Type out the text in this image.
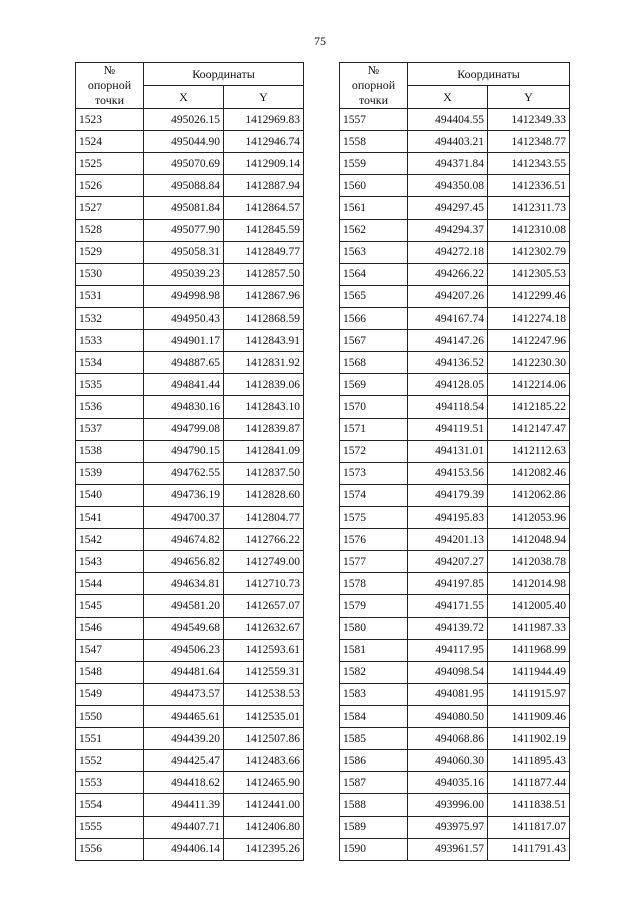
75
№
опорной
точки	Координаты	
	X	Y
1523	495026.15	1412969.83
1524	495044.90	1412946.74
1525	495070.69	1412909.14
1526	495088.84	1412887.94
1527	495081.84	1412864.57
1528	495077.90	1412845.59
1529	495058.31	1412849.77
1530	495039.23	1412857.50
1531	494998.98	1412867.96
1532	494950.43	1412868.59
1533	494901.17	1412843.91
1534	494887.65	1412831.92
1535	494841.44	1412839.06
1536	494830.16	1412843.10
1537	494799.08	1412839.87
1538	494790.15	1412841.09
1539	494762.55	1412837.50
1540	494736.19	1412828.60
1541	494700.37	1412804.77
1542	494674.82	1412766.22
1543	494656.82	1412749.00
1544	494634.81	1412710.73
1545	494581.20	1412657.07
1546	494549.68	1412632.67
1547	494506.23	1412593.61
1548	494481.64	1412559.31
1549	494473.57	1412538.53
1550	494465.61	1412535.01
1551	494439.20	1412507.86
1552	494425.47	1412483.66
1553	494418.62	1412465.90
1554	494411.39	1412441.00
1555	494407.71	1412406.80
1556	494406.14	1412395.26
№
опорной
точки	Координаты	
	X	Y
1557	494404.55	1412349.33
1558	494403.21	1412348.77
1559	494371.84	1412343.55
1560	494350.08	1412336.51
1561	494297.45	1412311.73
1562	494294.37	1412310.08
1563	494272.18	1412302.79
1564	494266.22	1412305.53
1565	494207.26	1412299.46
1566	494167.74	1412274.18
1567	494147.26	1412247.96
1568	494136.52	1412230.30
1569	494128.05	1412214.06
1570	494118.54	1412185.22
1571	494119.51	1412147.47
1572	494131.01	1412112.63
1573	494153.56	1412082.46
1574	494179.39	1412062.86
1575	494195.83	1412053.96
1576	494201.13	1412048.94
1577	494207.27	1412038.78
1578	494197.85	1412014.98
1579	494171.55	1412005.40
1580	494139.72	1411987.33
1581	494117.95	1411968.99
1582	494098.54	1411944.49
1583	494081.95	1411915.97
1584	494080.50	1411909.46
1585	494068.86	1411902.19
1586	494060.30	1411895.43
1587	494035.16	1411877.44
1588	493996.00	1411838.51
1589	493975.97	1411817.07
1590	493961.57	1411791.43
